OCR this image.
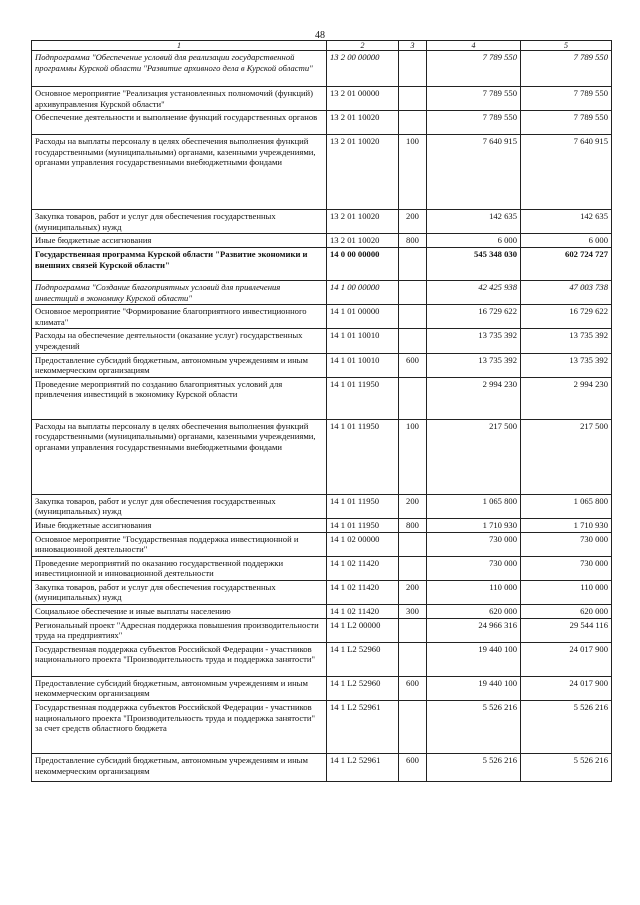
48
1	2	3	4	5
Подпрограмма "Обеспечение условий для реализации государственной программы Курской области "Развитие архивного дела в Курской области"	13 2 00 00000		7 789 550	7 789 550
Основное мероприятие "Реализация установленных полномочий (функций) архивуправления Курской области"	13 2 01 00000		7 789 550	7 789 550
Обеспечение деятельности и выполнение функций государственных органов	13 2 01 10020		7 789 550	7 789 550
Расходы на выплаты персоналу в целях обеспечения выполнения функций государственными (муниципальными) органами, казенными учреждениями, органами управления государственными внебюджетными фондами	13 2 01 10020	100	7 640 915	7 640 915
Закупка товаров, работ и услуг для обеспечения государственных (муниципальных) нужд	13 2 01 10020	200	142 635	142 635
Иные бюджетные ассигнования	13 2 01 10020	800	6 000	6 000
Государственная программа Курской области "Развитие экономики и внешних связей Курской области"	14 0 00 00000		545 348 030	602 724 727
Подпрограмма "Создание благоприятных условий для привлечения инвестиций в экономику Курской области"	14 1 00 00000		42 425 938	47 003 738
Основное мероприятие "Формирование благоприятного инвестиционного климата"	14 1 01 00000		16 729 622	16 729 622
Расходы на обеспечение деятельности (оказание услуг) государственных учреждений	14 1 01 10010		13 735 392	13 735 392
Предоставление субсидий бюджетным, автономным учреждениям и иным некоммерческим организациям	14 1 01 10010	600	13 735 392	13 735 392
Проведение мероприятий по созданию благоприятных условий для привлечения инвестиций в экономику Курской области	14 1 01 11950		2 994 230	2 994 230
Расходы на выплаты персоналу в целях обеспечения выполнения функций государственными (муниципальными) органами, казенными учреждениями, органами управления государственными внебюджетными фондами	14 1 01 11950	100	217 500	217 500
Закупка товаров, работ и услуг для обеспечения государственных (муниципальных) нужд	14 1 01 11950	200	1 065 800	1 065 800
Иные бюджетные ассигнования	14 1 01 11950	800	1 710 930	1 710 930
Основное мероприятие "Государственная поддержка инвестиционной и инновационной деятельности"	14 1 02 00000		730 000	730 000
Проведение мероприятий по оказанию государственной поддержки инвестиционной и инновационной деятельности	14 1 02 11420		730 000	730 000
Закупка товаров, работ и услуг для обеспечения государственных (муниципальных) нужд	14 1 02 11420	200	110 000	110 000
Социальное обеспечение и иные выплаты населению	14 1 02 11420	300	620 000	620 000
Региональный проект "Адресная поддержка повышения производительности труда на предприятиях"	14 1 L2 00000		24 966 316	29 544 116
Государственная поддержка субъектов Российской Федерации - участников национального проекта "Производительность труда и поддержка занятости"	14 1 L2 52960		19 440 100	24 017 900
Предоставление субсидий бюджетным, автономным учреждениям и иным некоммерческим организациям	14 1 L2 52960	600	19 440 100	24 017 900
Государственная поддержка субъектов Российской Федерации - участников национального проекта "Производительность труда и поддержка занятости" за счет средств областного бюджета	14 1 L2 52961		5 526 216	5 526 216
Предоставление субсидий бюджетным, автономным учреждениям и иным некоммерческим организациям	14 1 L2 52961	600	5 526 216	5 526 216
